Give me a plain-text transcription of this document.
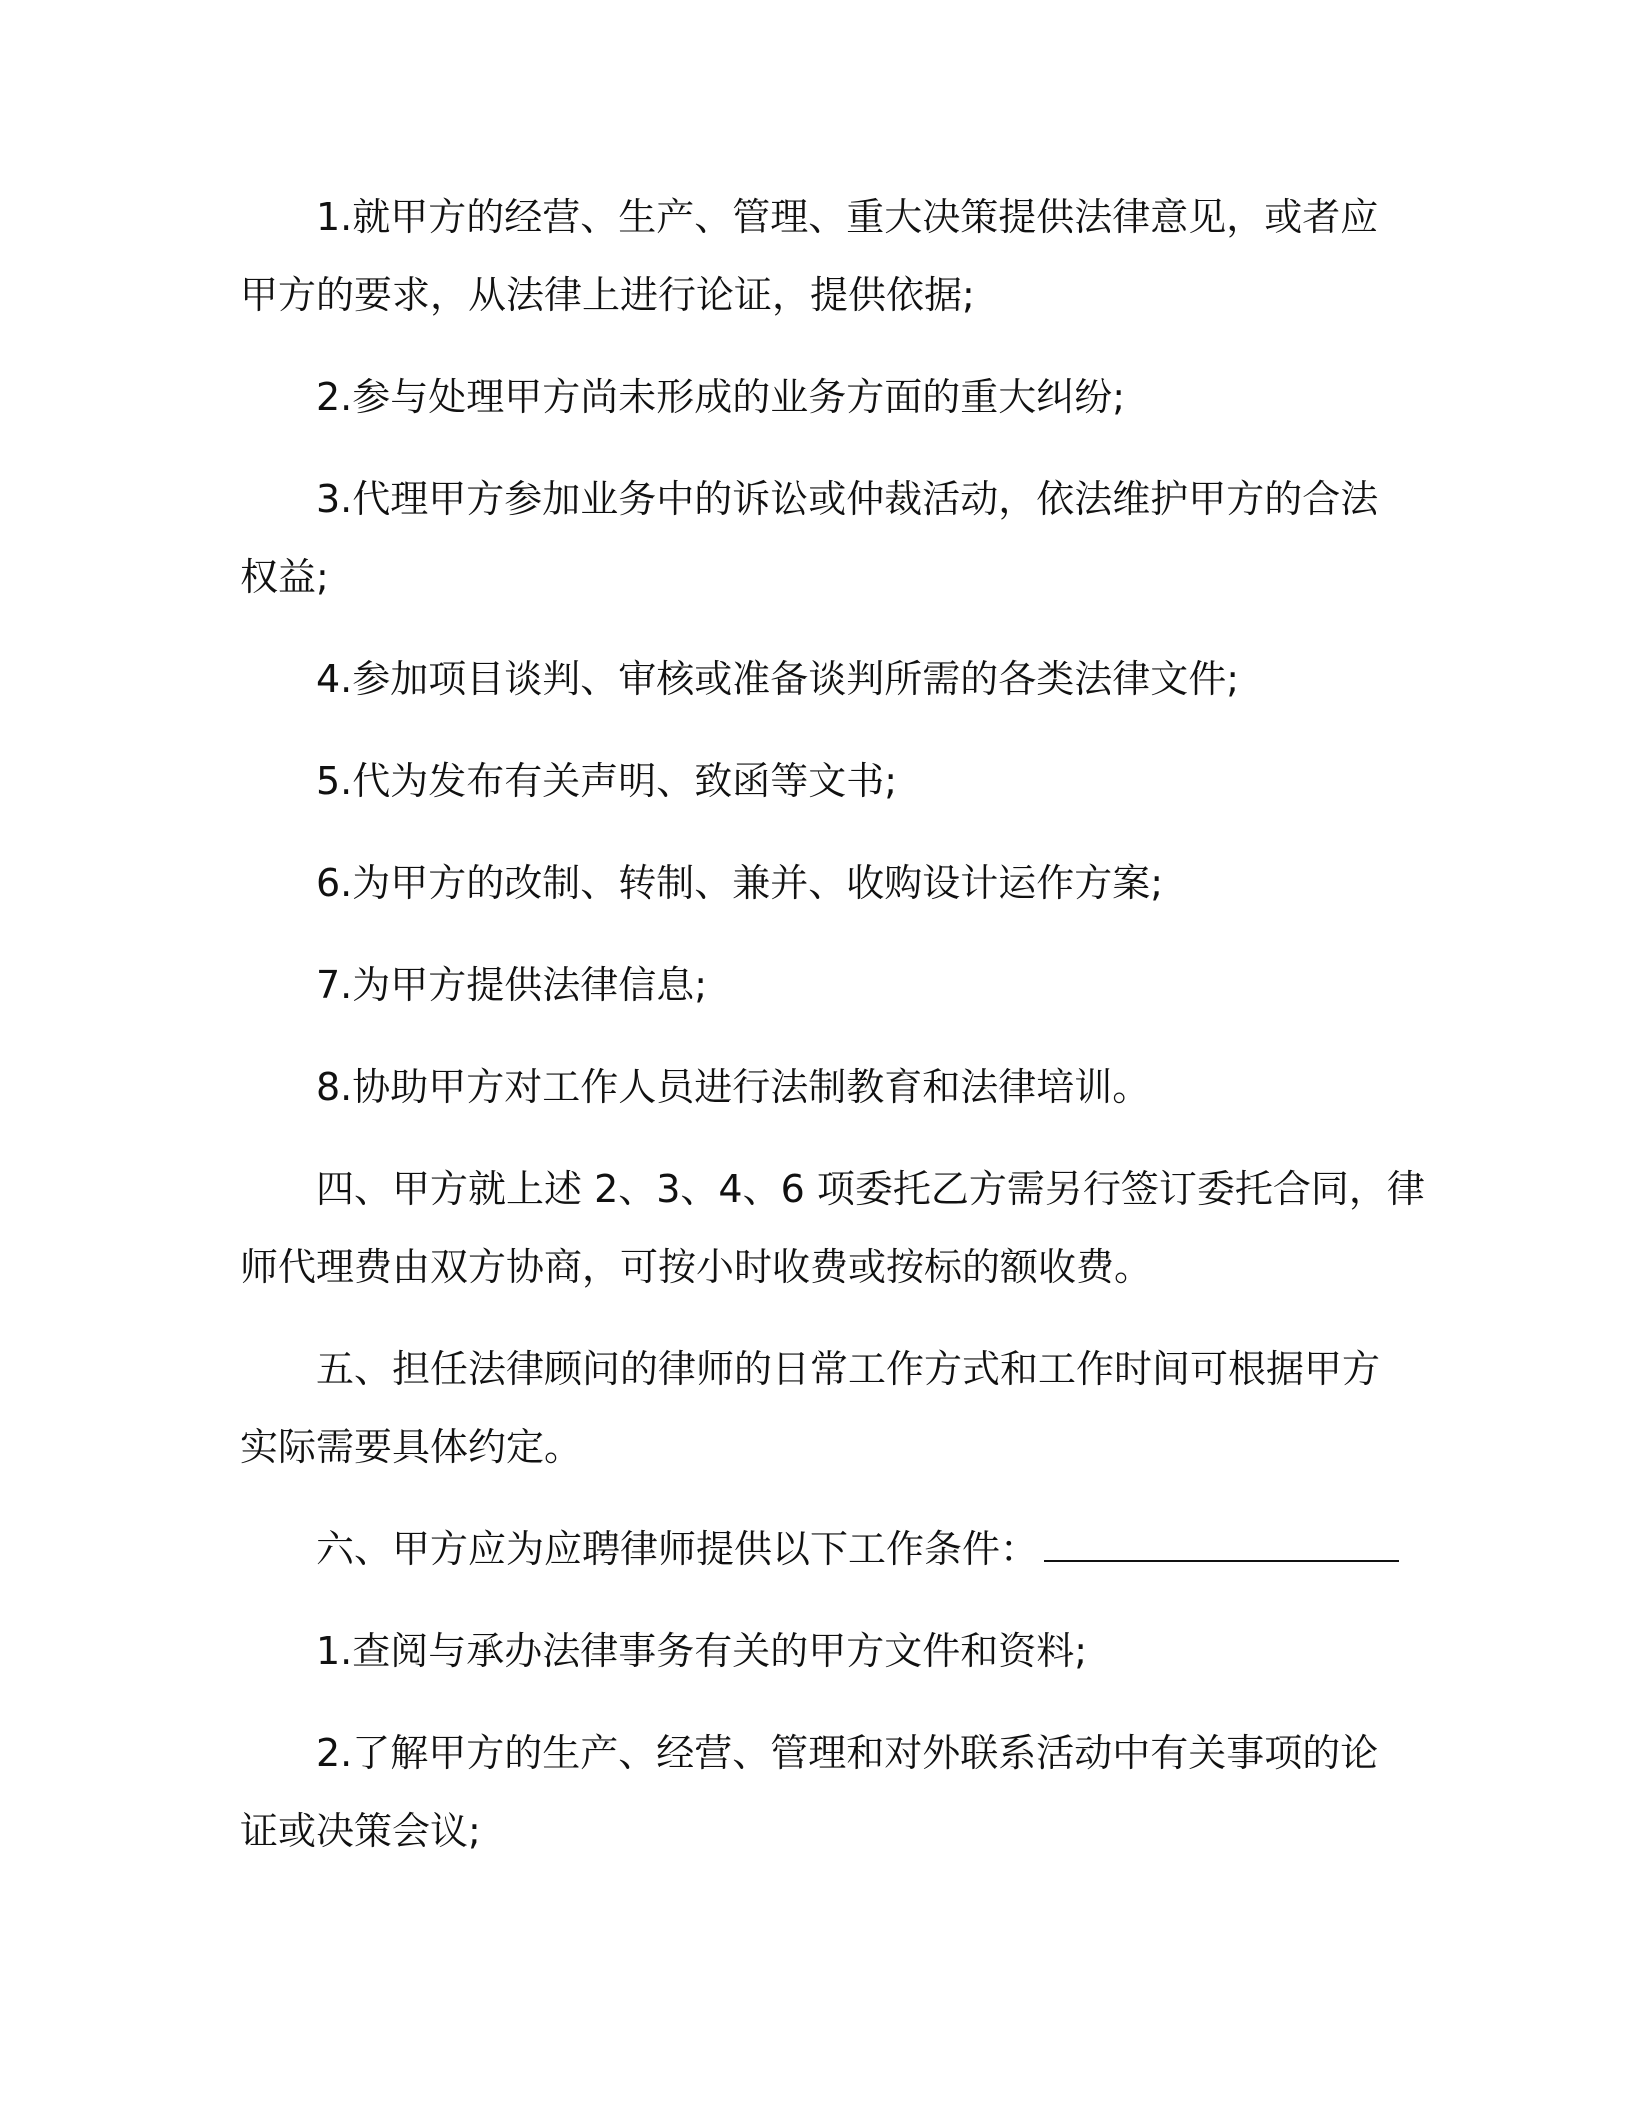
1.就甲方的经营、生产、管理、重大决策提供法律意见，或者应
甲方的要求，从法律上进行论证，提供依据;

2.参与处理甲方尚未形成的业务方面的重大纠纷;

3.代理甲方参加业务中的诉讼或仲裁活动，依法维护甲方的合法
权益;

4.参加项目谈判、审核或准备谈判所需的各类法律文件;

5.代为发布有关声明、致函等文书;

6.为甲方的改制、转制、兼并、收购设计运作方案;

7.为甲方提供法律信息;

8.协助甲方对工作人员进行法制教育和法律培训。

四、甲方就上述 2、3、4、6 项委托乙方需另行签订委托合同，律
师代理费由双方协商，可按小时收费或按标的额收费。

五、担任法律顾问的律师的日常工作方式和工作时间可根据甲方
实际需要具体约定。

六、甲方应为应聘律师提供以下工作条件：

1.查阅与承办法律事务有关的甲方文件和资料;

2.了解甲方的生产、经营、管理和对外联系活动中有关事项的论
证或决策会议;
